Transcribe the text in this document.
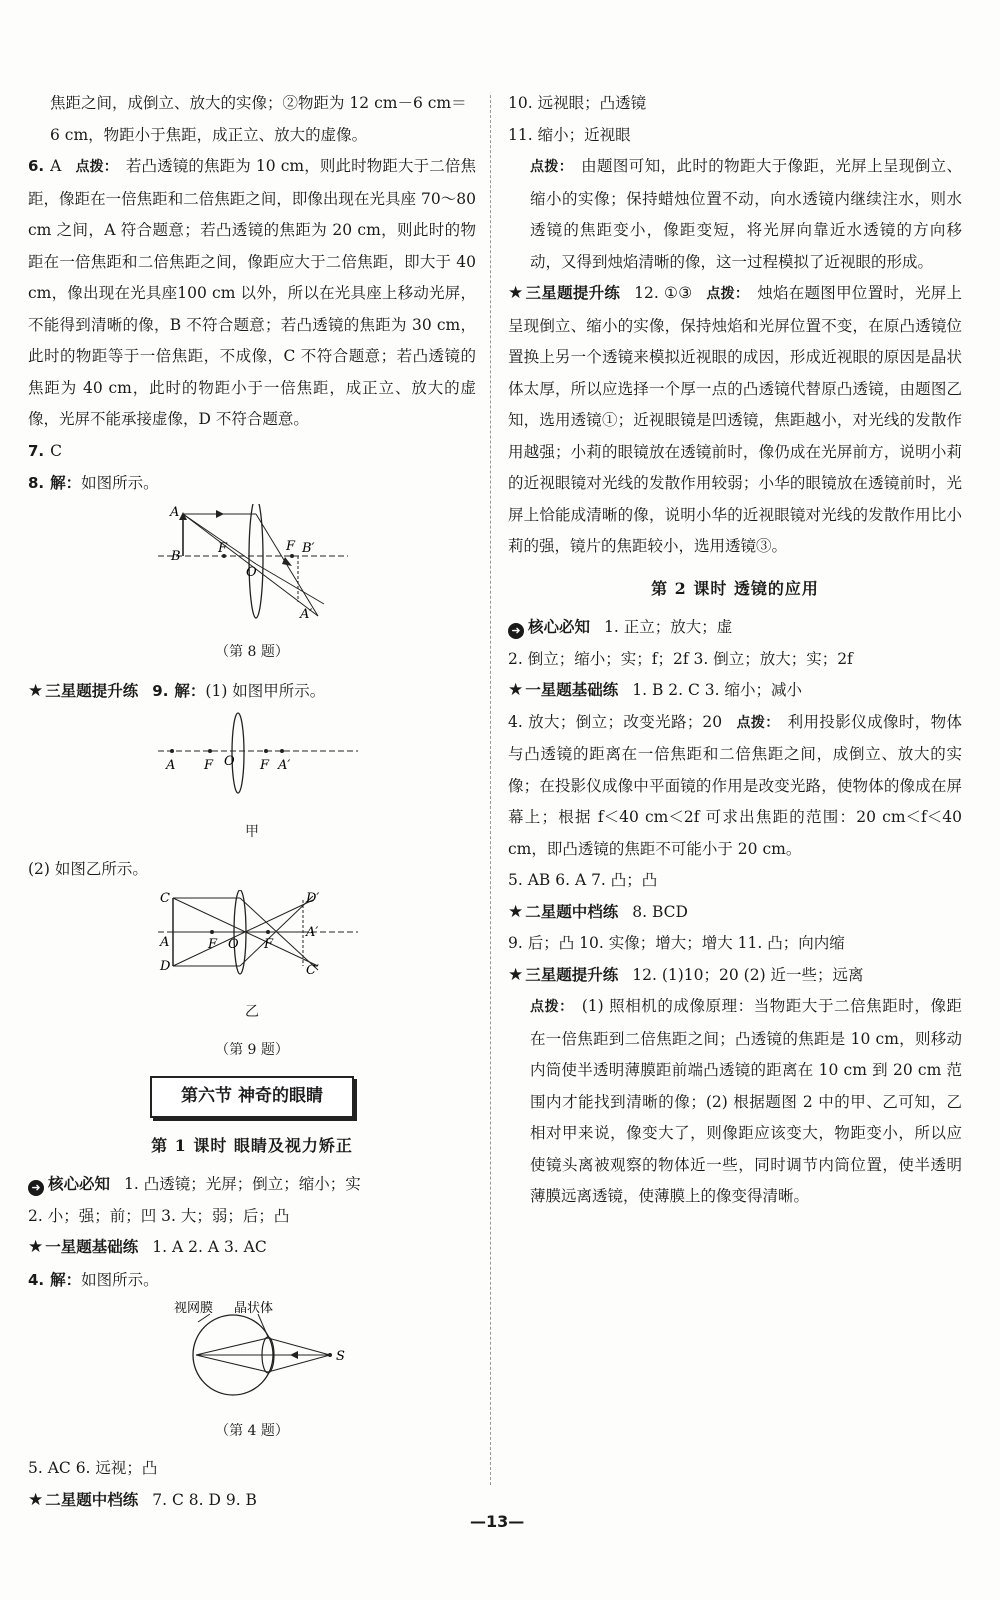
焦距之间，成倒立、放大的实像；②物距为 12 cm－6 cm＝

6 cm，物距小于焦距，成正立、放大的虚像。

6. A 点拨： 若凸透镜的焦距为 10 cm，则此时物距大于二倍焦距，像距在一倍焦距和二倍焦距之间，即像出现在光具座 70～80 cm 之间，A 符合题意；若凸透镜的焦距为 20 cm，则此时的物距在一倍焦距和二倍焦距之间，像距应大于二倍焦距，即大于 40 cm，像出现在光具座100 cm 以外，所以在光具座上移动光屏，不能得到清晰的像，B 不符合题意；若凸透镜的焦距为 30 cm，此时的物距等于一倍焦距，不成像，C 不符合题意；若凸透镜的焦距为 40 cm，此时的物距小于一倍焦距，成正立、放大的虚像，光屏不能承接虚像，D 不符合题意。

7. C

8. 解：如图所示。

A
B
F
O
F B′
A′
（第 8 题）

★ 三星题提升练 9. 解：(1) 如图甲所示。

A F O F A′
甲

(2) 如图乙所示。

C
A
D
F O F
D′
A′
C′
乙
（第 9 题）
第六节 神奇的眼睛
第 1 课时 眼睛及视力矫正

➜ 核心必知 1. 凸透镜；光屏；倒立；缩小；实

2. 小；强；前；凹 3. 大；弱；后；凸

★ 一星题基础练 1. A 2. A 3. AC

4. 解：如图所示。

S
视网膜 晶状体
（第 4 题）

5. AC 6. 远视；凸

★ 二星题中档练 7. C 8. D 9. B

10. 远视眼；凸透镜

11. 缩小；近视眼

点拨： 由题图可知，此时的物距大于像距，光屏上呈现倒立、缩小的实像；保持蜡烛位置不动，向水透镜内继续注水，则水透镜的焦距变小，像距变短，将光屏向靠近水透镜的方向移动，又得到烛焰清晰的像，这一过程模拟了近视眼的形成。

★ 三星题提升练 12. ①③ 点拨： 烛焰在题图甲位置时，光屏上呈现倒立、缩小的实像，保持烛焰和光屏位置不变，在原凸透镜位置换上另一个透镜来模拟近视眼的成因，形成近视眼的原因是晶状体太厚，所以应选择一个厚一点的凸透镜代替原凸透镜，由题图乙知，选用透镜①；近视眼镜是凹透镜，焦距越小，对光线的发散作用越强；小莉的眼镜放在透镜前时，像仍成在光屏前方，说明小莉的近视眼镜对光线的发散作用较弱；小华的眼镜放在透镜前时，光屏上恰能成清晰的像，说明小华的近视眼镜对光线的发散作用比小莉的强，镜片的焦距较小，选用透镜③。

第 2 课时 透镜的应用

➜ 核心必知 1. 正立；放大；虚

2. 倒立；缩小；实；f；2f 3. 倒立；放大；实；2f

★ 一星题基础练 1. B 2. C 3. 缩小；减小

4. 放大；倒立；改变光路；20 点拨： 利用投影仪成像时，物体与凸透镜的距离在一倍焦距和二倍焦距之间，成倒立、放大的实像；在投影仪成像中平面镜的作用是改变光路，使物体的像成在屏幕上；根据 f＜40 cm＜2f 可求出焦距的范围：20 cm＜f＜40 cm，即凸透镜的焦距不可能小于 20 cm。

5. AB 6. A 7. 凸；凸

★ 二星题中档练 8. BCD

9. 后；凸 10. 实像；增大；增大 11. 凸；向内缩

★ 三星题提升练 12. (1)10；20 (2) 近一些；远离

点拨： (1) 照相机的成像原理：当物距大于二倍焦距时，像距在一倍焦距到二倍焦距之间；凸透镜的焦距是 10 cm，则移动内筒使半透明薄膜距前端凸透镜的距离在 10 cm 到 20 cm 范围内才能找到清晰的像；(2) 根据题图 2 中的甲、乙可知，乙相对甲来说，像变大了，则像距应该变大，物距变小，所以应使镜头离被观察的物体近一些，同时调节内筒位置，使半透明薄膜远离透镜，使薄膜上的像变得清晰。

—13—
